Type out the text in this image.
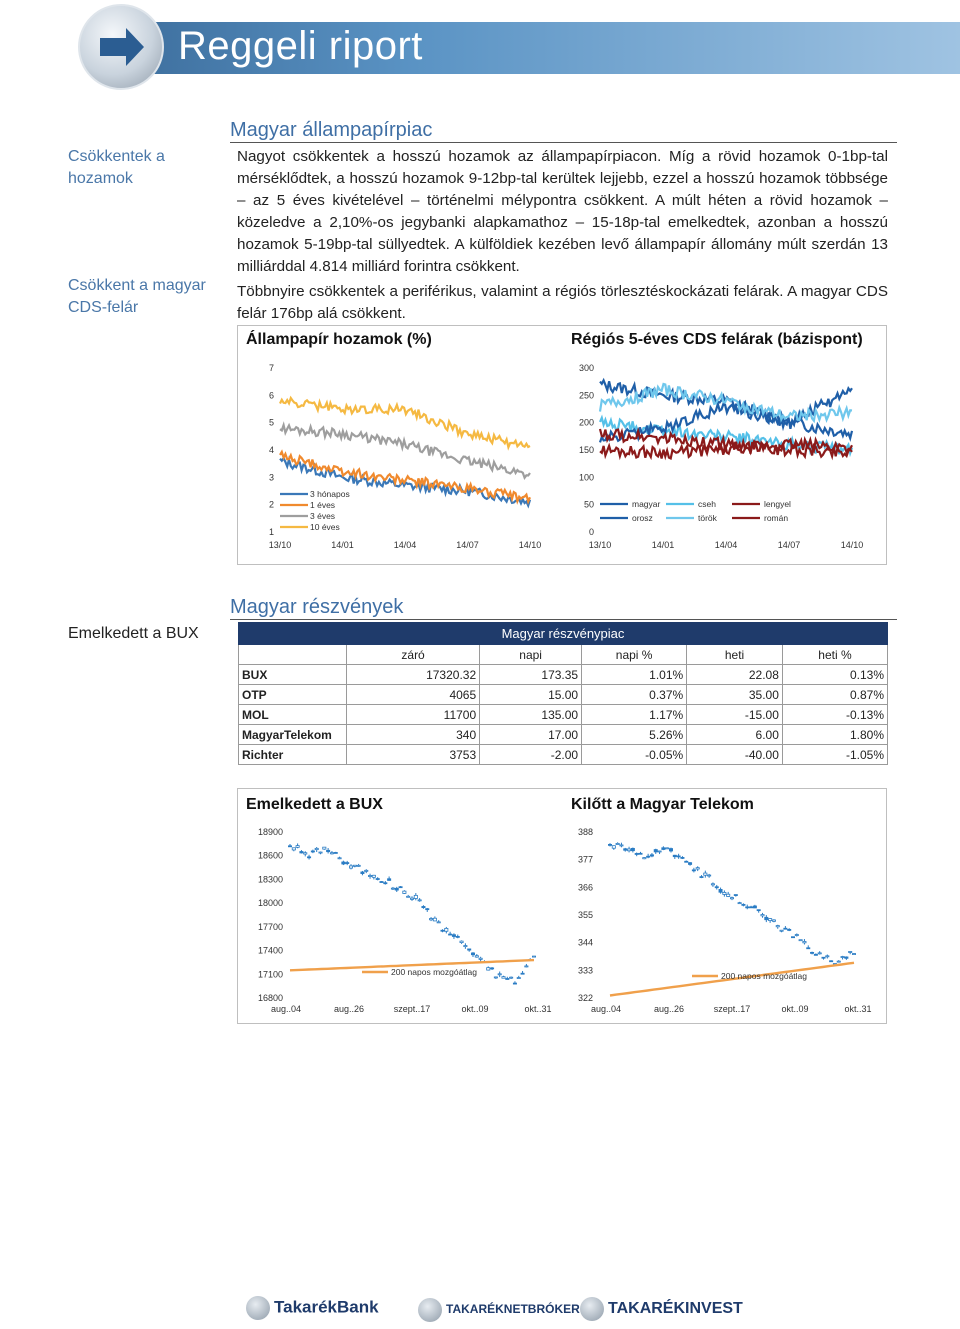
Reggeli riport
Magyar állampapírpiac
Csökkentek a hozamok
Csökkent a magyar CDS-felár
Nagyot csökkentek a hosszú hozamok az állampapírpiacon. Míg a rövid hozamok 0-1bp-tal mérséklődtek, a hosszú hozamok 9-12bp-tal kerültek lejjebb, ezzel a hosszú hozamok többsége – az 5 éves kivételével – történelmi mélypontra csökkent. A múlt héten a rövid hozamok – közeledve a 2,10%-os jegybanki alapkamathoz – 15-18p-tal emelkedtek, azonban a hosszú hozamok 5-19bp-tal süllyedtek. A külföldiek kezében levő állampapír állomány múlt szerdán 13 milliárddal 4.814 milliárd forintra csökkent.
Többnyire csökkentek a periférikus, valamint a régiós törlesztéskockázati felárak. A magyar CDS felár 176bp alá csökkent.
Állampapír hozamok (%)
7
6
5
4
3
2
1
13/10	14/01	14/04	14/07	14/10
3 hónapos
1 éves
3 éves
10 éves
Régiós 5-éves CDS felárak (bázispont)
300
250
200
150
100
50
0
13/10	14/01	14/04	14/07	14/10
magyar	cseh	lengyel
orosz	török	román
Magyar részvények
Emelkedett a BUX	Magyar részvénypiac					
	záró	napi	napi %	heti	heti %
BUX	17320.32	173.35	1.01%	22.08	0.13%
OTP	4065	15.00	0.37%	35.00	0.87%
MOL	11700	135.00	1.17%	-15.00	-0.13%
MagyarTelekom	340	17.00	5.26%	6.00	1.80%
Richter	3753	-2.00	-0.05%	-40.00	-1.05%
Emelkedett a BUX
18900
18600
18300
18000
17700
17400
17100
16800
aug..04	aug..26	szept..17	okt..09	okt..31
200 napos mozgóátlag
Kilőtt a Magyar Telekom
388
377
366
355
344
333
322
aug..04	aug..26	szept..17	okt..09	okt..31
200 napos mozgóátlag
TakarékBank	TAKARÉKNETBRÓKER	TAKARÉKINVEST
